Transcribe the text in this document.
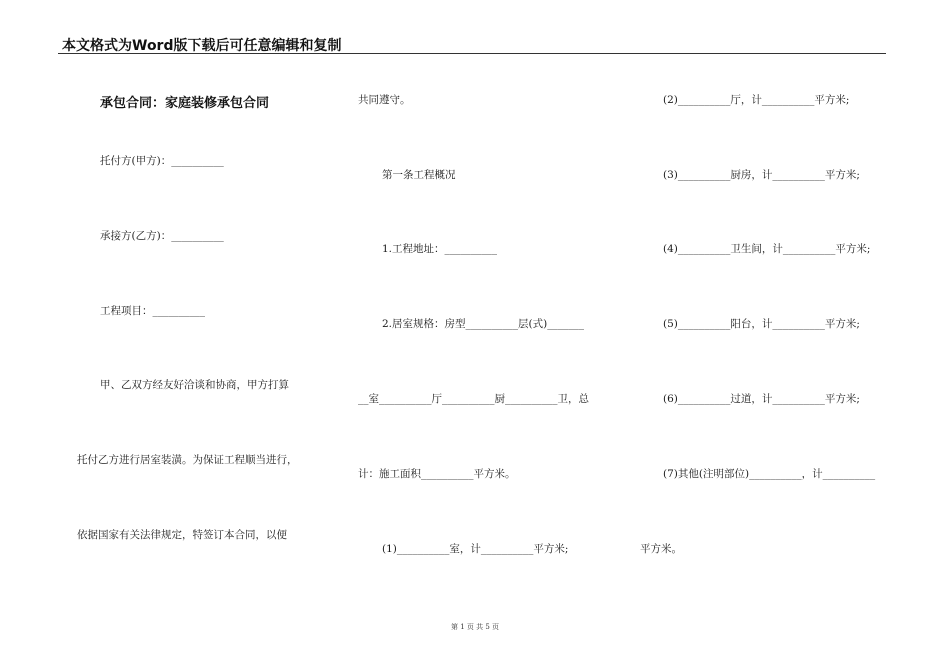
本文格式为Word版下载后可任意编辑和复制
承包合同：家庭装修承包合同
托付方(甲方)：__________
承接方(乙方)：__________
工程项目：__________
甲、乙双方经友好洽谈和协商，甲方打算
托付乙方进行居室装潢。为保证工程顺当进行，
依据国家有关法律规定，特签订本合同，以便
共同遵守。
第一条工程概况
1.工程地址：__________
2.居室规格：房型__________层(式)_______
__室__________厅__________厨__________卫，总
计：施工面积__________平方米。
(1)__________室，计__________平方米;
(2)__________厅，计__________平方米;
(3)__________厨房，计__________平方米;
(4)__________卫生间，计__________平方米;
(5)__________阳台，计__________平方米;
(6)__________过道，计__________平方米;
(7)其他(注明部位)__________，计__________
平方米。
第 1 页 共 5 页
